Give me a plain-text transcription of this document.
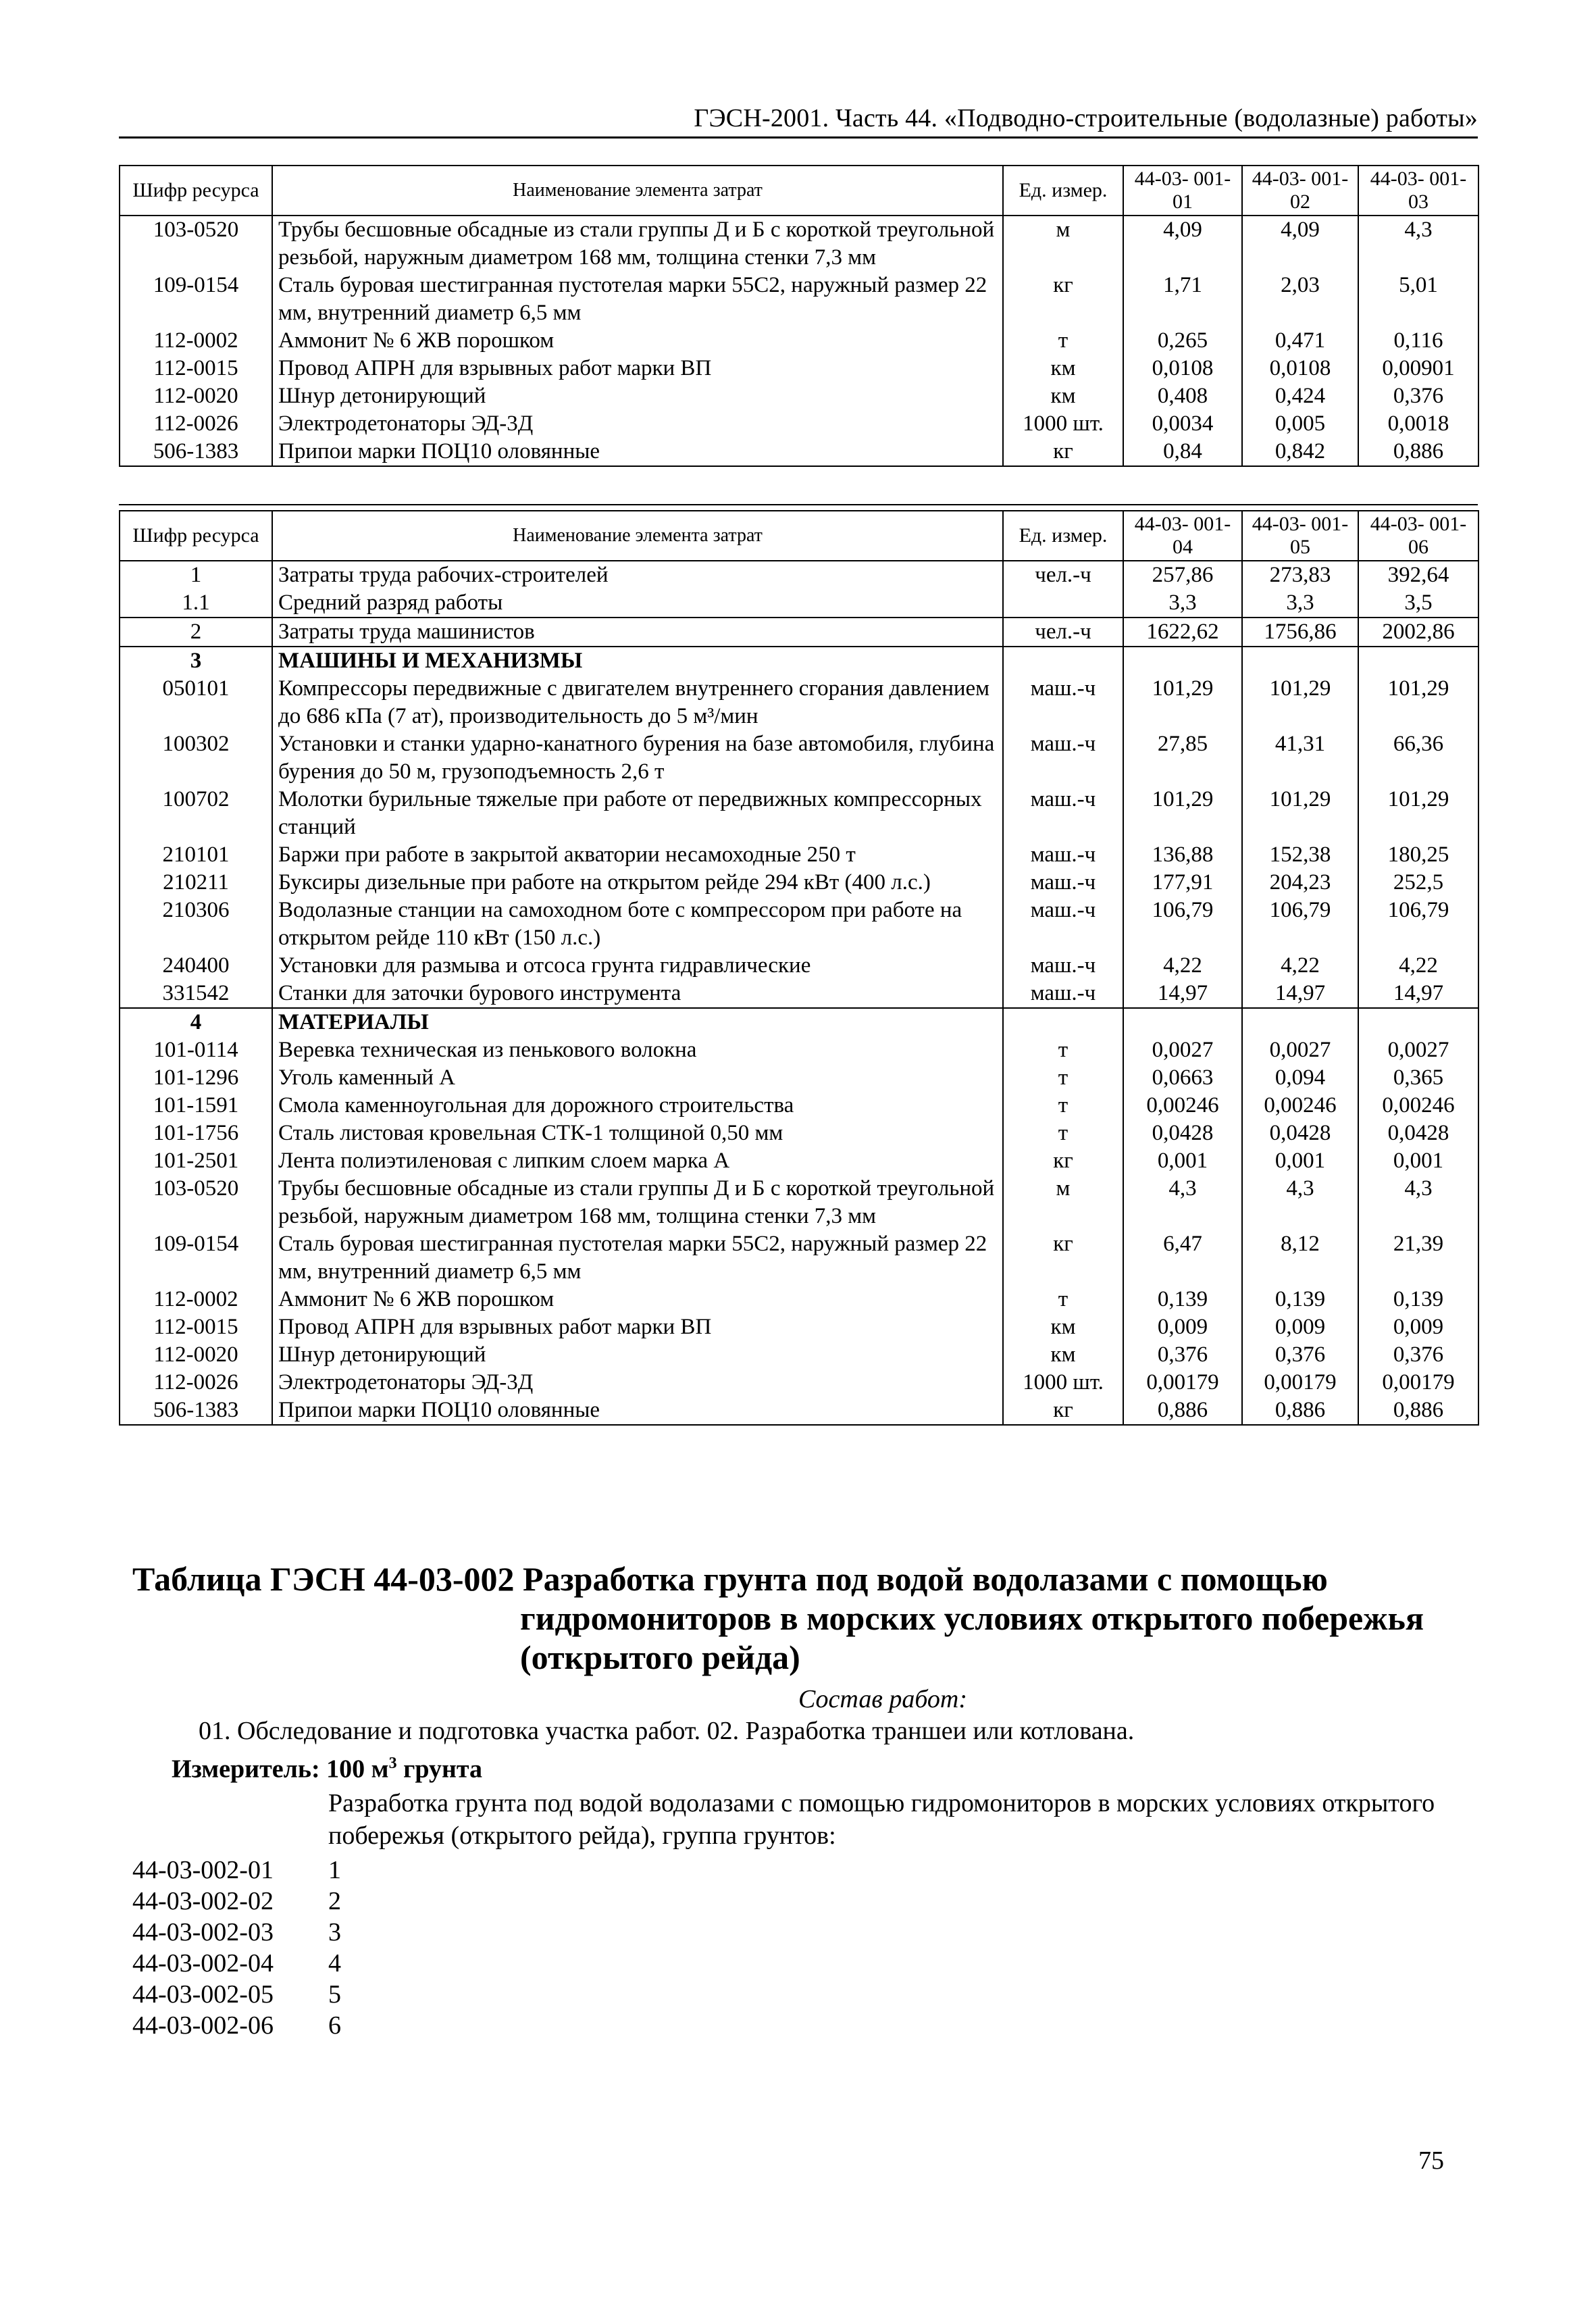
ГЭСН-2001. Часть 44. «Подводно-строительные (водолазные) работы»
Шифр ресурса	Наименование элемента затрат	Ед. измер.	44-03- 001-01	44-03- 001-02	44-03- 001-03
103-0520	Трубы бесшовные обсадные из стали группы Д и Б с короткой треугольной резьбой, наружным диаметром 168 мм, толщина стенки 7,3 мм	м	4,09	4,09	4,3
109-0154	Сталь буровая шестигранная пустотелая марки 55С2, наружный размер 22 мм, внутренний диаметр 6,5 мм	кг	1,71	2,03	5,01
112-0002	Аммонит № 6 ЖВ порошком	т	0,265	0,471	0,116
112-0015	Провод АПРН для взрывных работ марки ВП	км	0,0108	0,0108	0,00901
112-0020	Шнур детонирующий	км	0,408	0,424	0,376
112-0026	Электродетонаторы ЭД-3Д	1000 шт.	0,0034	0,005	0,0018
506-1383	Припои марки ПОЦ10 оловянные	кг	0,84	0,842	0,886
Шифр ресурса	Наименование элемента затрат	Ед. измер.	44-03- 001-04	44-03- 001-05	44-03- 001-06
1	Затраты труда рабочих-строителей	чел.-ч	257,86	273,83	392,64
1.1	Средний разряд работы		3,3	3,3	3,5
2	Затраты труда машинистов	чел.-ч	1622,62	1756,86	2002,86
3	МАШИНЫ И МЕХАНИЗМЫ				
050101	Компрессоры передвижные с двигателем внутреннего сгорания давлением до 686 кПа (7 ат), производительность до 5 м³/мин	маш.-ч	101,29	101,29	101,29
100302	Установки и станки ударно-канатного бурения на базе автомобиля, глубина бурения до 50 м, грузоподъемность 2,6 т	маш.-ч	27,85	41,31	66,36
100702	Молотки бурильные тяжелые при работе от передвижных компрессорных станций	маш.-ч	101,29	101,29	101,29
210101	Баржи при работе в закрытой акватории несамоходные 250 т	маш.-ч	136,88	152,38	180,25
210211	Буксиры дизельные при работе на открытом рейде 294 кВт (400 л.с.)	маш.-ч	177,91	204,23	252,5
210306	Водолазные станции на самоходном боте с компрессором при работе на открытом рейде 110 кВт (150 л.с.)	маш.-ч	106,79	106,79	106,79
240400	Установки для размыва и отсоса грунта гидравлические	маш.-ч	4,22	4,22	4,22
331542	Станки для заточки бурового инструмента	маш.-ч	14,97	14,97	14,97
4	МАТЕРИАЛЫ				
101-0114	Веревка техническая из пенькового волокна	т	0,0027	0,0027	0,0027
101-1296	Уголь каменный А	т	0,0663	0,094	0,365
101-1591	Смола каменноугольная для дорожного строительства	т	0,00246	0,00246	0,00246
101-1756	Сталь листовая кровельная СТК-1 толщиной 0,50 мм	т	0,0428	0,0428	0,0428
101-2501	Лента полиэтиленовая с липким слоем марка А	кг	0,001	0,001	0,001
103-0520	Трубы бесшовные обсадные из стали группы Д и Б с короткой треугольной резьбой, наружным диаметром 168 мм, толщина стенки 7,3 мм	м	4,3	4,3	4,3
109-0154	Сталь буровая шестигранная пустотелая марки 55С2, наружный размер 22 мм, внутренний диаметр 6,5 мм	кг	6,47	8,12	21,39
112-0002	Аммонит № 6 ЖВ порошком	т	0,139	0,139	0,139
112-0015	Провод АПРН для взрывных работ марки ВП	км	0,009	0,009	0,009
112-0020	Шнур детонирующий	км	0,376	0,376	0,376
112-0026	Электродетонаторы ЭД-3Д	1000 шт.	0,00179	0,00179	0,00179
506-1383	Припои марки ПОЦ10 оловянные	кг	0,886	0,886	0,886
Таблица ГЭСН 44-03-002 Разработка грунта под водой водолазами с помощью
гидромониторов в морских условиях открытого побережья
(открытого рейда)
Состав работ:
01. Обследование и подготовка участка работ. 02. Разработка траншеи или котлована.
Измеритель: 100 $м^3$ грунта
Разработка грунта под водой водолазами с помощью гидромониторов в морских условиях открытого побережья (открытого рейда), группа грунтов:
44-03-002-01	1
44-03-002-02	2
44-03-002-03	3
44-03-002-04	4
44-03-002-05	5
44-03-002-06	6
75
